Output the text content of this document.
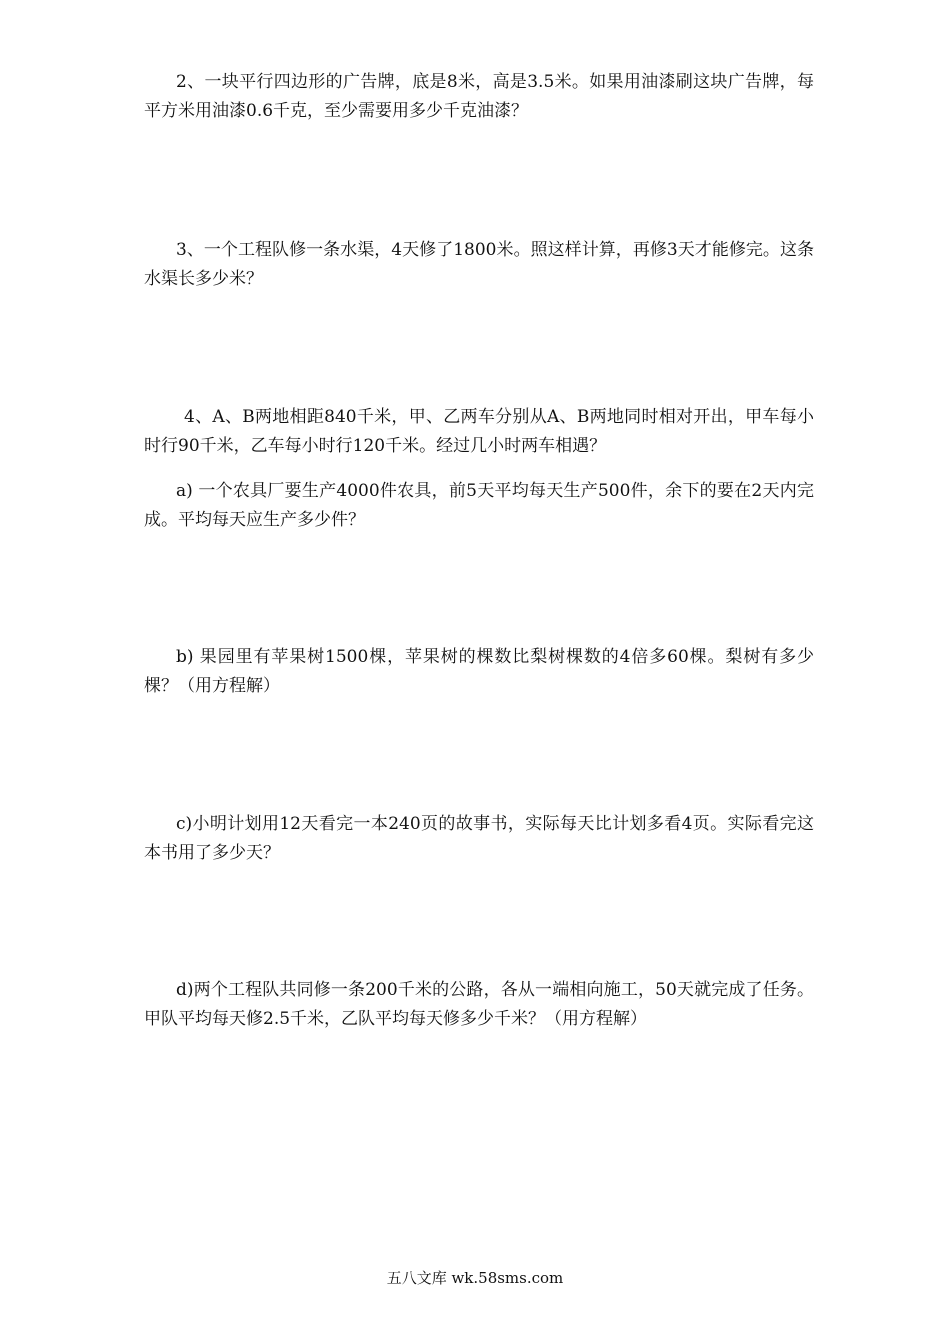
2、一块平行四边形的广告牌，底是8米，高是3.5米。如果用油漆刷这块广告牌，每平方米用油漆0.6千克，至少需要用多少千克油漆？

3、一个工程队修一条水渠，4天修了1800米。照这样计算，再修3天才能修完。这条水渠长多少米？

4、A、B两地相距840千米，甲、乙两车分别从A、B两地同时相对开出，甲车每小时行90千米，乙车每小时行120千米。经过几小时两车相遇？

a) 一个农具厂要生产4000件农具，前5天平均每天生产500件，余下的要在2天内完成。平均每天应生产多少件？

b) 果园里有苹果树1500棵，苹果树的棵数比梨树棵数的4倍多60棵。梨树有多少棵？（用方程解）

c)小明计划用12天看完一本240页的故事书，实际每天比计划多看4页。实际看完这本书用了多少天？

d)两个工程队共同修一条200千米的公路，各从一端相向施工，50天就完成了任务。甲队平均每天修2.5千米，乙队平均每天修多少千米？（用方程解）

五八文库 wk.58sms.com
